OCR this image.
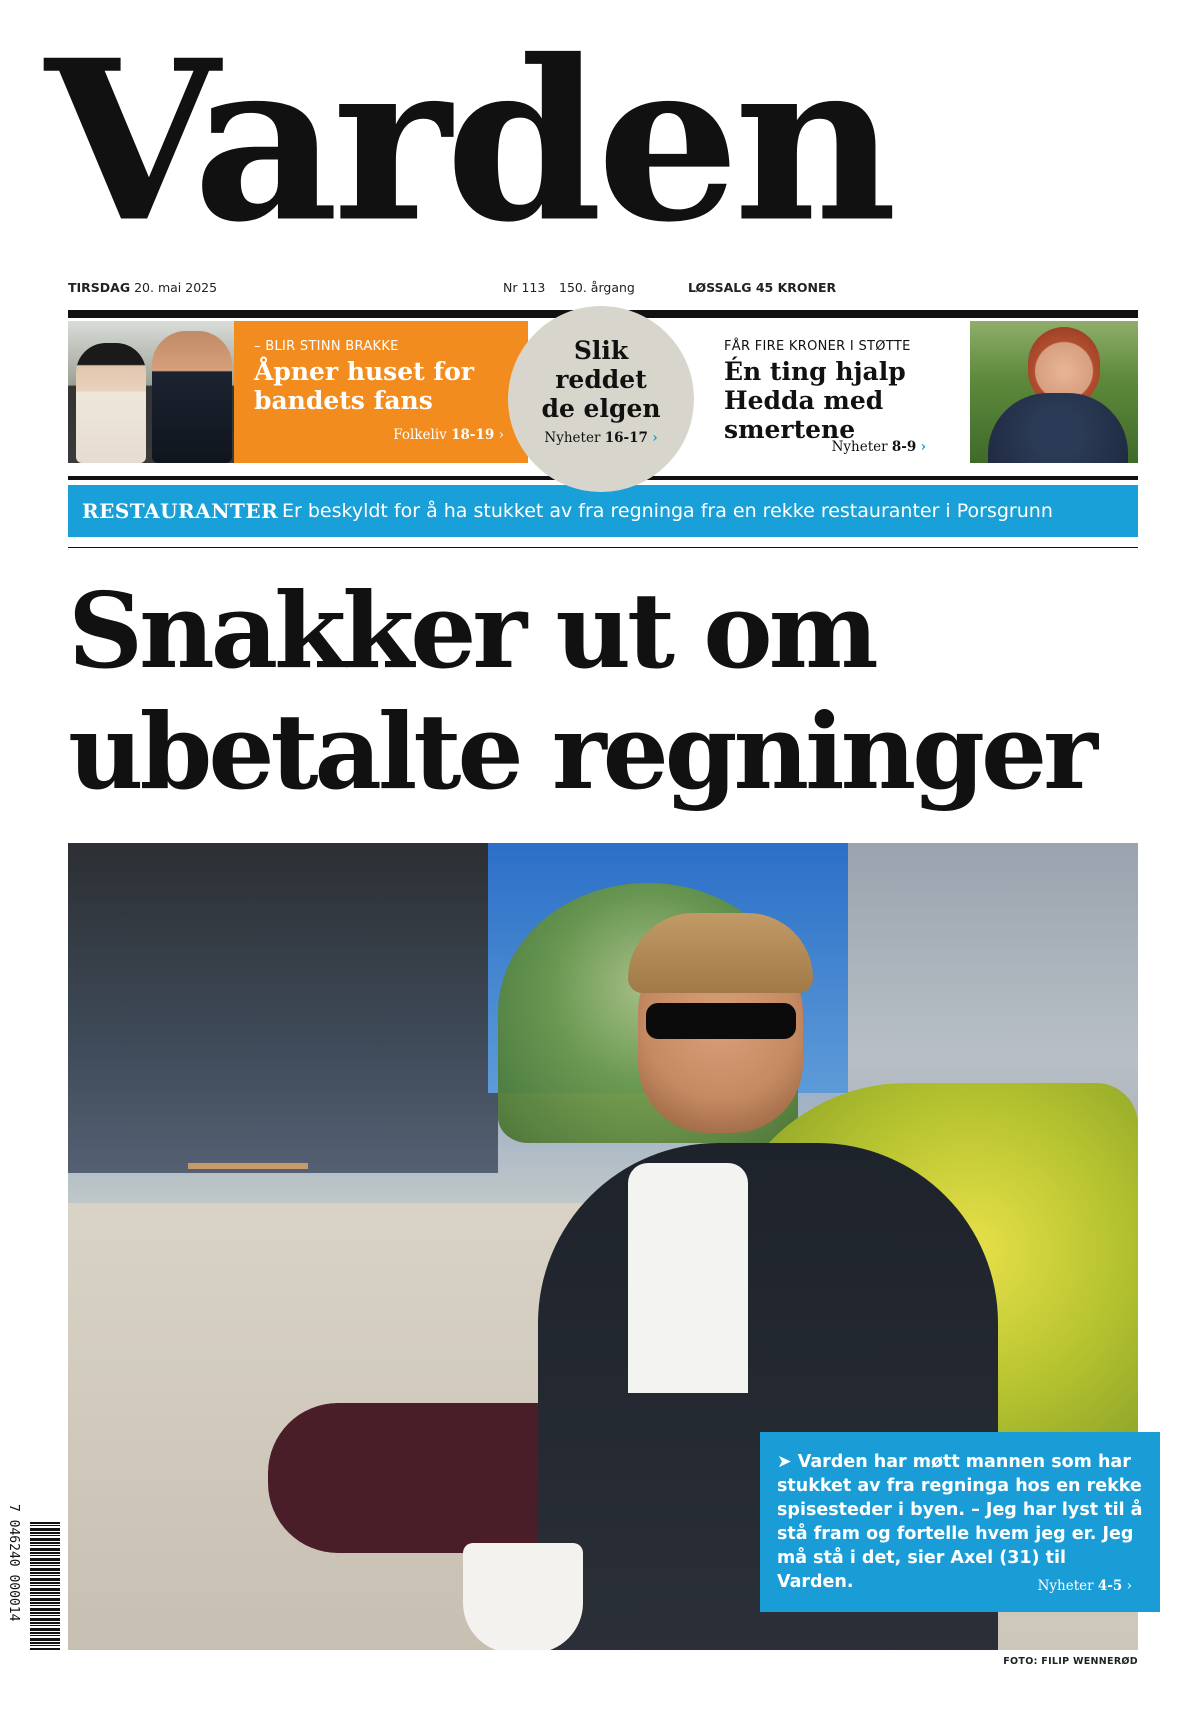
Varden
TIRSDAG 20. mai 2025	Nr 113 150. årgang	LØSSALG 45 KRONER
– BLIR STINN BRAKKE
Åpner huset for bandets fans
Folkeliv 18-19 ›
Slik reddet de elgen
Nyheter 16-17 ›
FÅR FIRE KRONER I STØTTE
Én ting hjalp Hedda med smertene
Nyheter 8-9 ›
RESTAURANTER Er beskyldt for å ha stukket av fra regninga fra en rekke restauranter i Porsgrunn
Snakker ut om ubetalte regninger
➤ Varden har møtt mannen som har stukket av fra regninga hos en rekke spisesteder i byen. – Jeg har lyst til å stå fram og fortelle hvem jeg er. Jeg må stå i det, sier Axel (31) til Varden.	Nyheter 4-5 ›
7 046240 000014
FOTO: FILIP WENNERØD
